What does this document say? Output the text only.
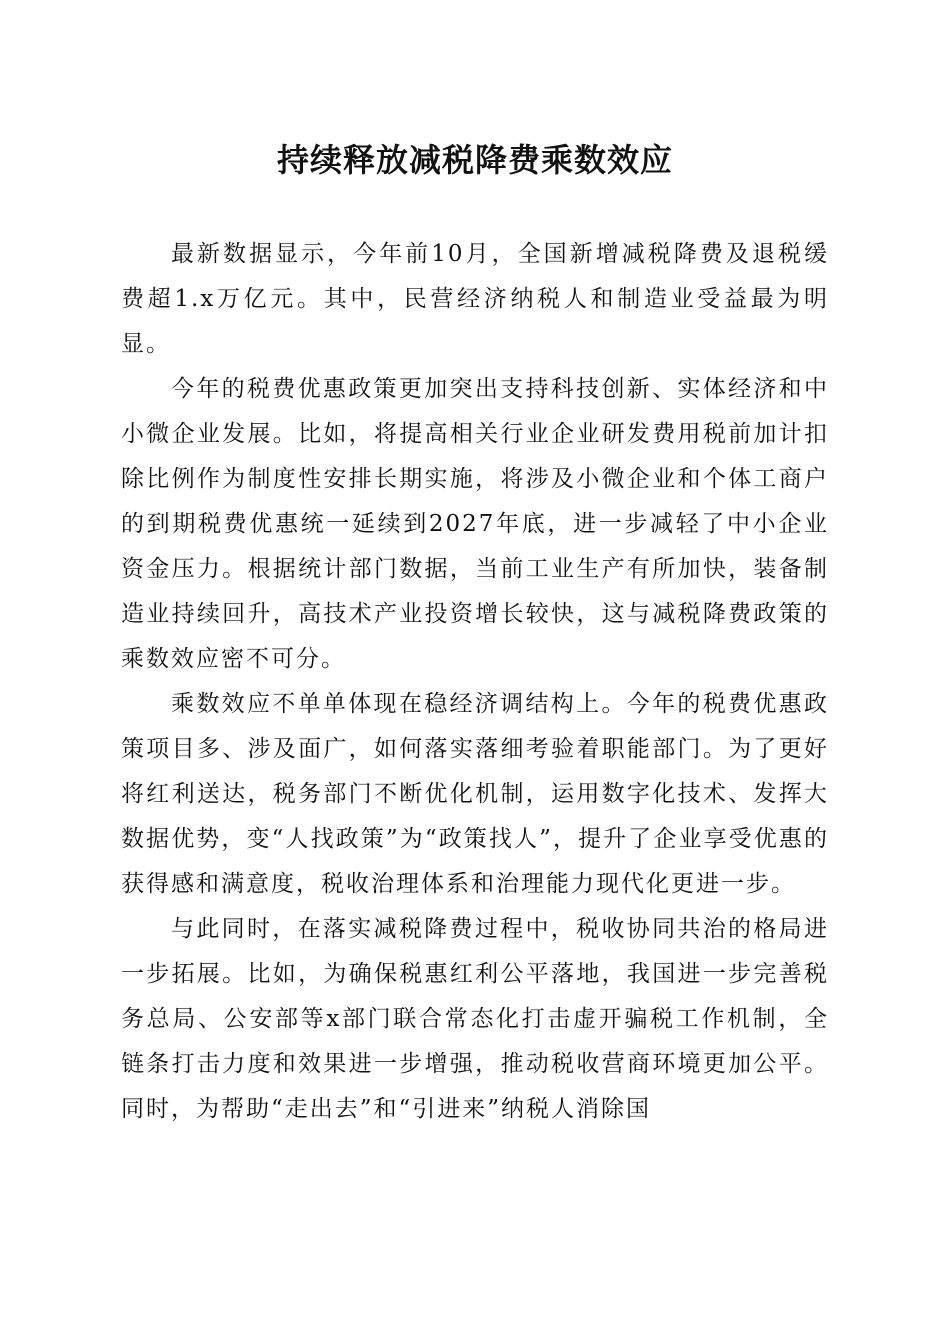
持续释放减税降费乘数效应

最新数据显示，今年前10月，全国新增减税降费及退税缓费超1.x万亿元。其中，民营经济纳税人和制造业受益最为明显。

今年的税费优惠政策更加突出支持科技创新、实体经济和中小微企业发展。比如，将提高相关行业企业研发费用税前加计扣除比例作为制度性安排长期实施，将涉及小微企业和个体工商户的到期税费优惠统一延续到2027年底，进一步减轻了中小企业资金压力。根据统计部门数据，当前工业生产有所加快，装备制造业持续回升，高技术产业投资增长较快，这与减税降费政策的乘数效应密不可分。

乘数效应不单单体现在稳经济调结构上。今年的税费优惠政策项目多、涉及面广，如何落实落细考验着职能部门。为了更好将红利送达，税务部门不断优化机制，运用数字化技术、发挥大数据优势，变“人找政策”为“政策找人”，提升了企业享受优惠的获得感和满意度，税收治理体系和治理能力现代化更进一步。

与此同时，在落实减税降费过程中，税收协同共治的格局进一步拓展。比如，为确保税惠红利公平落地，我国进一步完善税务总局、公安部等x部门联合常态化打击虚开骗税工作机制，全链条打击力度和效果进一步增强，推动税收营商环境更加公平。同时，为帮助“走出去”和“引进来”纳税人消除国
